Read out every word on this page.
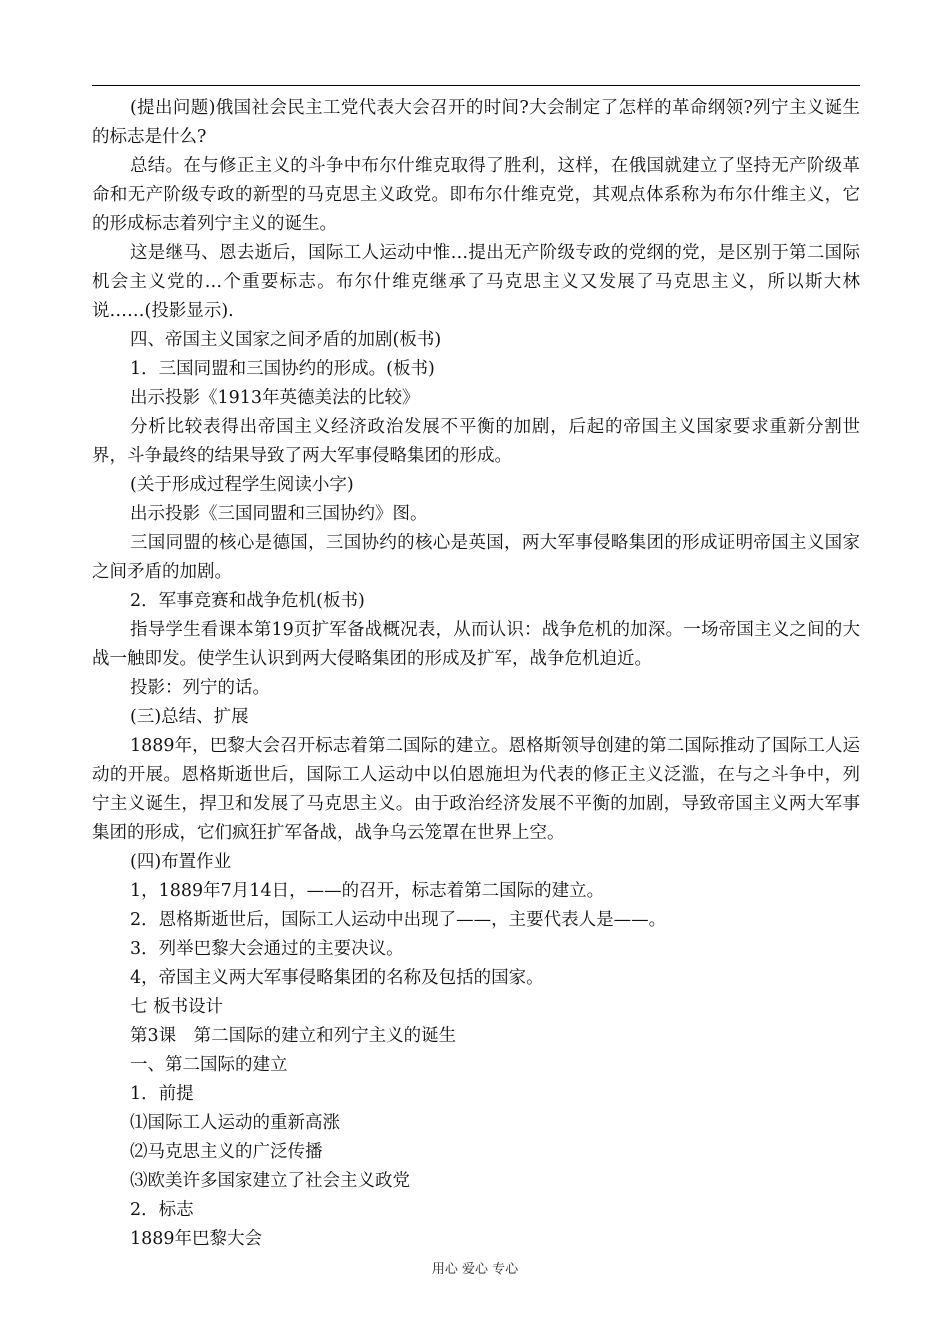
(提出问题)俄国社会民主工党代表大会召开的时间?大会制定了怎样的革命纲领?列宁主义诞生的标志是什么?

总结。在与修正主义的斗争中布尔什维克取得了胜利，这样，在俄国就建立了坚持无产阶级革命和无产阶级专政的新型的马克思主义政党。即布尔什维克党，其观点体系称为布尔什维主义，它的形成标志着列宁主义的诞生。

这是继马、恩去逝后，国际工人运动中惟…提出无产阶级专政的党纲的党，是区别于第二国际机会主义党的…个重要标志。布尔什维克继承了马克思主义又发展了马克思主义，所以斯大林说……(投影显示).

四、帝国主义国家之间矛盾的加剧(板书)

1．三国同盟和三国协约的形成。(板书)

出示投影《1913年英德美法的比较》

分析比较表得出帝国主义经济政治发展不平衡的加剧，后起的帝国主义国家要求重新分割世界，斗争最终的结果导致了两大军事侵略集团的形成。

(关于形成过程学生阅读小字)

出示投影《三国同盟和三国协约》图。

三国同盟的核心是德国，三国协约的核心是英国，两大军事侵略集团的形成证明帝国主义国家之间矛盾的加剧。

2．军事竞赛和战争危机(板书)

指导学生看课本第19页扩军备战概况表，从而认识：战争危机的加深。一场帝国主义之间的大战一触即发。使学生认识到两大侵略集团的形成及扩军，战争危机迫近。

投影：列宁的话。

(三)总结、扩展

1889年，巴黎大会召开标志着第二国际的建立。恩格斯领导创建的第二国际推动了国际工人运动的开展。恩格斯逝世后，国际工人运动中以伯恩施坦为代表的修正主义泛滥，在与之斗争中，列宁主义诞生，捍卫和发展了马克思主义。由于政治经济发展不平衡的加剧，导致帝国主义两大军事集团的形成，它们疯狂扩军备战，战争乌云笼罩在世界上空。

(四)布置作业

1，1889年7月14日，——的召开，标志着第二国际的建立。

2．恩格斯逝世后，国际工人运动中出现了——，主要代表人是——。

3．列举巴黎大会通过的主要决议。

4，帝国主义两大军事侵略集团的名称及包括的国家。

七 板书设计

第3课　第二国际的建立和列宁主义的诞生

一、第二国际的建立

1．前提

⑴国际工人运动的重新高涨

⑵马克思主义的广泛传播

⑶欧美许多国家建立了社会主义政党

2．标志

1889年巴黎大会

用心 爱心 专心
